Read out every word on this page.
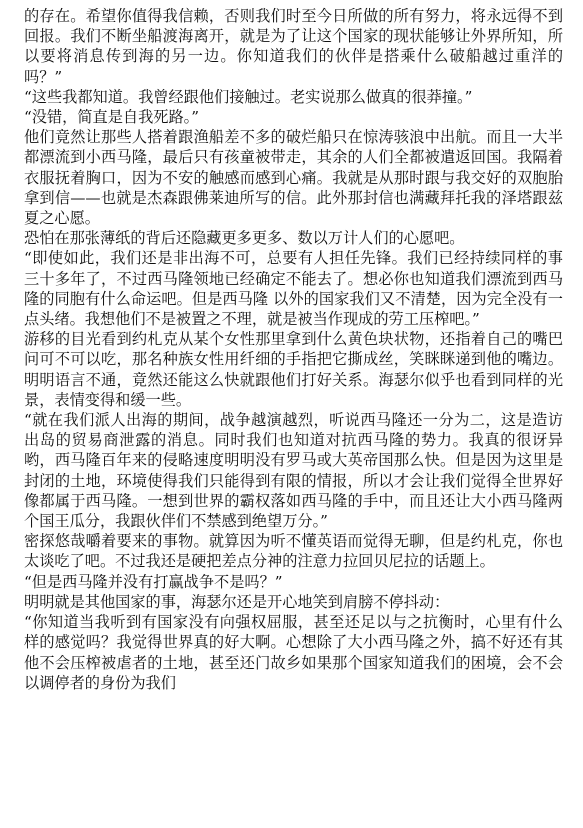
的存在。希望你值得我信赖，否则我们时至今日所做的所有努力，将永远得不到回报。我们不断坐船渡海离开，就是为了让这个国家的现状能够让外界所知，所以要将消息传到海的另一边。你知道我们的伙伴是搭乘什么破船越过重洋的吗？”

“这些我都知道。我曾经跟他们接触过。老实说那么做真的很莽撞。”

“没错，简直是自我死路。”

他们竟然让那些人搭着跟渔船差不多的破烂船只在惊涛骇浪中出航。而且一大半都漂流到小西马隆，最后只有孩童被带走，其余的人们全都被遣返回国。我隔着衣服抚着胸口，因为不安的触感而感到心痛。我就是从那时跟与我交好的双胞胎拿到信——也就是杰森跟佛莱迪所写的信。此外那封信也满藏拜托我的泽塔跟兹夏之心愿。

恐怕在那张薄纸的背后还隐藏更多更多、数以万计人们的心愿吧。

“即使如此，我们还是非出海不可，总要有人担任先锋。我们已经持续同样的事三十多年了，不过西马隆领地已经确定不能去了。想必你也知道我们漂流到西马隆的同胞有什么命运吧。但是西马隆 以外的国家我们又不清楚，因为完全没有一点头绪。我想他们不是被置之不理，就是被当作现成的劳工压榨吧。”

游移的目光看到约札克从某个女性那里拿到什么黄色块状物，还指着自己的嘴巴问可不可以吃，那名种族女性用纤细的手指把它撕成丝，笑眯眯递到他的嘴边。明明语言不通，竟然还能这么快就跟他们打好关系。海瑟尔似乎也看到同样的光景，表情变得和缓一些。

“就在我们派人出海的期间，战争越演越烈，听说西马隆还一分为二，这是造访出岛的贸易商泄露的消息。同时我们也知道对抗西马隆的势力。我真的很讶异哟，西马隆百年来的侵略速度明明没有罗马或大英帝国那么快。但是因为这里是封闭的土地，环境使得我们只能得到有限的情报，所以才会让我们觉得全世界好像都属于西马隆。一想到世界的霸权落如西马隆的手中，而且还让大小西马隆两个国王瓜分，我跟伙伴们不禁感到绝望万分。”

密探悠哉嚼着要来的事物。就算因为听不懂英语而觉得无聊，但是约札克，你也太谈吃了吧。不过我还是硬把差点分神的注意力拉回贝尼拉的话题上。

“但是西马隆并没有打赢战争不是吗？”

明明就是其他国家的事，海瑟尔还是开心地笑到肩膀不停抖动：

“你知道当我听到有国家没有向强权屈服，甚至还足以与之抗衡时，心里有什么样的感觉吗？我觉得世界真的好大啊。心想除了大小西马隆之外，搞不好还有其他不会压榨被虐者的土地，甚至还门故乡如果那个国家知道我们的困境，会不会以调停者的身份为我们
